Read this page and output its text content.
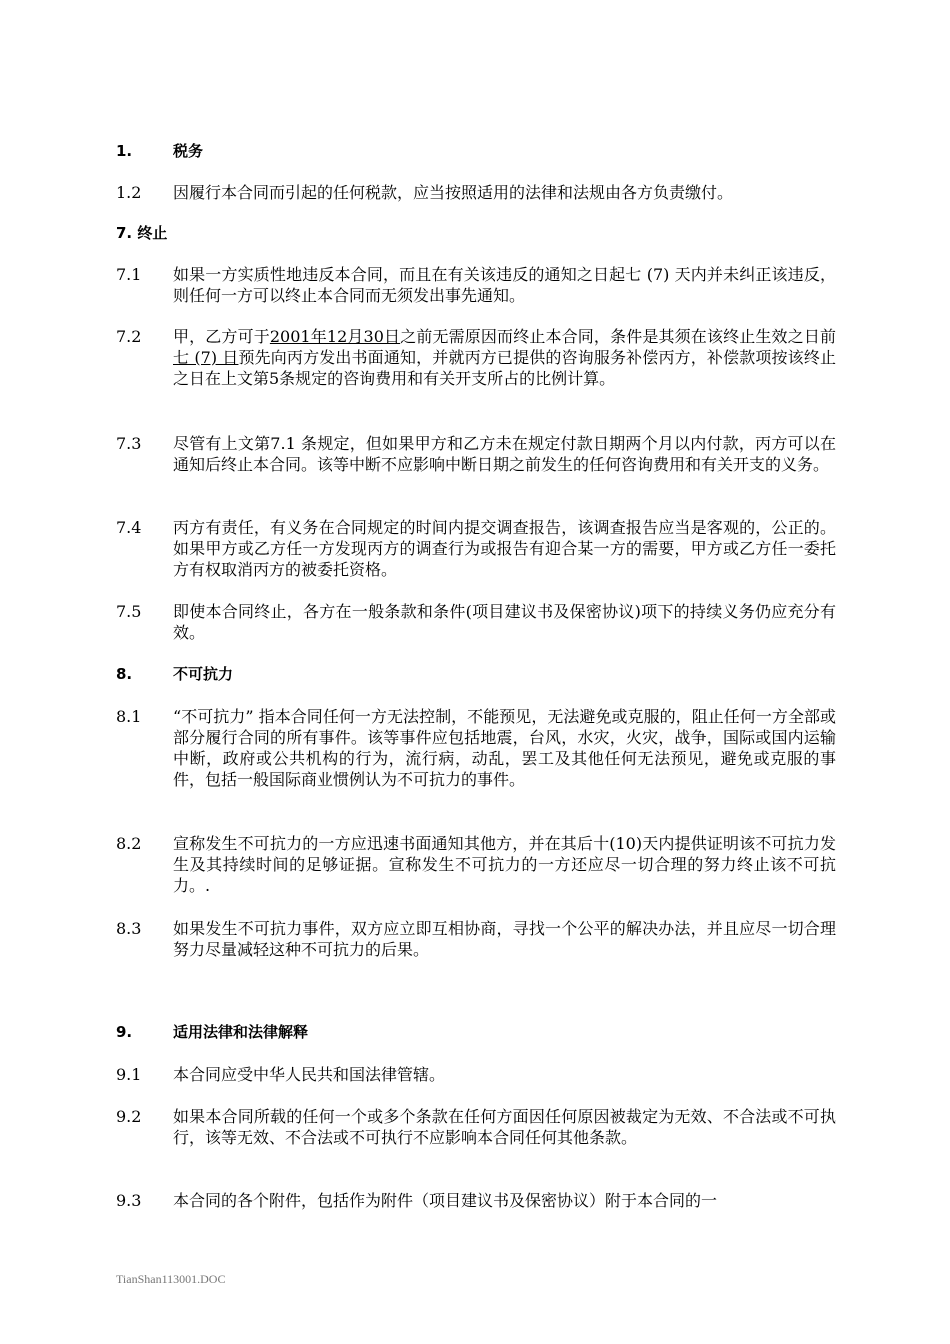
1.	税务
1.2 因履行本合同而引起的任何税款，应当按照适用的法律和法规由各方负责缴付。
7. 终止
7.1 如果一方实质性地违反本合同，而且在有关该违反的通知之日起七 (7) 天内并未纠正该违反，则任何一方可以终止本合同而无须发出事先通知。
7.2 甲，乙方可于2001年12月30日之前无需原因而终止本合同，条件是其须在该终止生效之日前七 (7) 日预先向丙方发出书面通知，并就丙方已提供的咨询服务补偿丙方，补偿款项按该终止之日在上文第5条规定的咨询费用和有关开支所占的比例计算。
7.3 尽管有上文第7.1 条规定，但如果甲方和乙方未在规定付款日期两个月以内付款，丙方可以在通知后终止本合同。该等中断不应影响中断日期之前发生的任何咨询费用和有关开支的义务。
7.4 丙方有责任，有义务在合同规定的时间内提交调查报告，该调查报告应当是客观的，公正的。如果甲方或乙方任一方发现丙方的调查行为或报告有迎合某一方的需要，甲方或乙方任一委托方有权取消丙方的被委托资格。
7.5 即使本合同终止，各方在一般条款和条件(项目建议书及保密协议)项下的持续义务仍应充分有效。
8.	不可抗力
8.1 “不可抗力” 指本合同任何一方无法控制，不能预见，无法避免或克服的，阻止任何一方全部或部分履行合同的所有事件。该等事件应包括地震，台风，水灾，火灾，战争，国际或国内运输中断，政府或公共机构的行为，流行病，动乱，罢工及其他任何无法预见，避免或克服的事件，包括一般国际商业惯例认为不可抗力的事件。
8.2 宣称发生不可抗力的一方应迅速书面通知其他方，并在其后十(10)天内提供证明该不可抗力发生及其持续时间的足够证据。宣称发生不可抗力的一方还应尽一切合理的努力终止该不可抗力。.
8.3 如果发生不可抗力事件，双方应立即互相协商，寻找一个公平的解决办法，并且应尽一切合理努力尽量减轻这种不可抗力的后果。
9.	适用法律和法律解释
9.1 本合同应受中华人民共和国法律管辖。
9.2 如果本合同所载的任何一个或多个条款在任何方面因任何原因被裁定为无效、不合法或不可执行，该等无效、不合法或不可执行不应影响本合同任何其他条款。
9.3 本合同的各个附件，包括作为附件（项目建议书及保密协议）附于本合同的一
TianShan113001.DOC
